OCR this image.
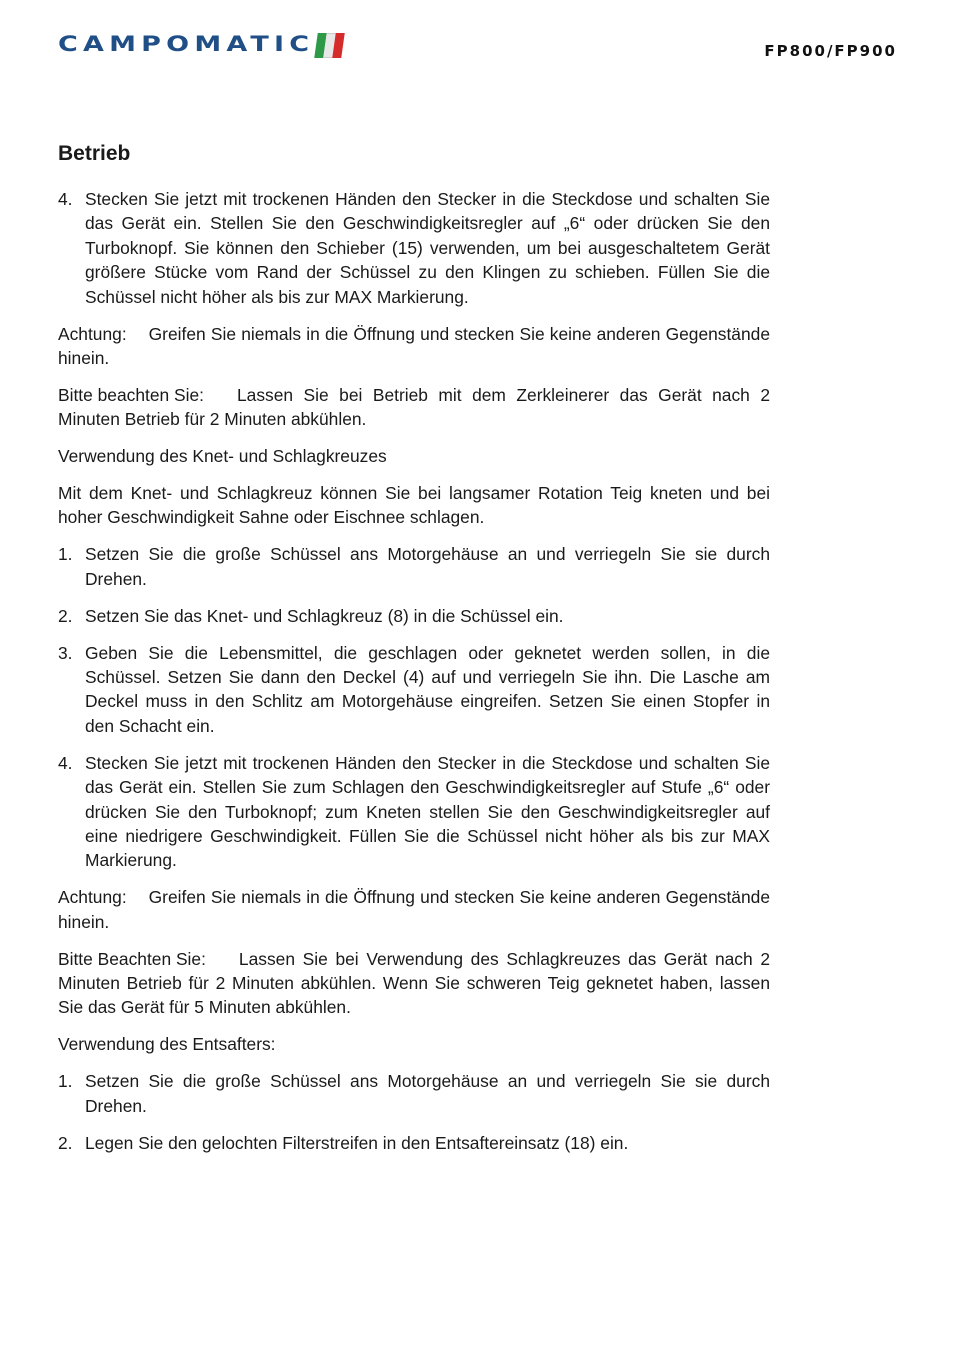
CAMPOMATIC	FP800/FP900
Betrieb
4. Stecken Sie jetzt mit trockenen Händen den Stecker in die Steckdose und schalten Sie das Gerät ein. Stellen Sie den Geschwindigkeitsregler auf „6“ oder drücken Sie den Turboknopf. Sie können den Schieber (15) verwenden, um bei ausgeschaltetem Gerät größere Stücke vom Rand der Schüssel zu den Klingen zu schieben. Füllen Sie die Schüssel nicht höher als bis zur MAX Markierung.

Achtung: Greifen Sie niemals in die Öffnung und stecken Sie keine anderen Gegenstände hinein.

Bitte beachten Sie: Lassen Sie bei Betrieb mit dem Zerkleinerer das Gerät nach 2 Minuten Betrieb für 2 Minuten abkühlen.

Verwendung des Knet- und Schlagkreuzes

Mit dem Knet- und Schlagkreuz können Sie bei langsamer Rotation Teig kneten und bei hoher Geschwindigkeit Sahne oder Eischnee schlagen.

1. Setzen Sie die große Schüssel ans Motorgehäuse an und verriegeln Sie sie durch Drehen.
2. Setzen Sie das Knet- und Schlagkreuz (8) in die Schüssel ein.
3. Geben Sie die Lebensmittel, die geschlagen oder geknetet werden sollen, in die Schüssel. Setzen Sie dann den Deckel (4) auf und verriegeln Sie ihn. Die Lasche am Deckel muss in den Schlitz am Motorgehäuse eingreifen. Setzen Sie einen Stopfer in den Schacht ein.
4. Stecken Sie jetzt mit trockenen Händen den Stecker in die Steckdose und schalten Sie das Gerät ein. Stellen Sie zum Schlagen den Geschwindigkeitsregler auf Stufe „6“ oder drücken Sie den Turboknopf; zum Kneten stellen Sie den Geschwindigkeitsregler auf eine niedrigere Geschwindigkeit. Füllen Sie die Schüssel nicht höher als bis zur MAX Markierung.

Achtung: Greifen Sie niemals in die Öffnung und stecken Sie keine anderen Gegenstände hinein.

Bitte Beachten Sie: Lassen Sie bei Verwendung des Schlagkreuzes das Gerät nach 2 Minuten Betrieb für 2 Minuten abkühlen. Wenn Sie schweren Teig geknetet haben, lassen Sie das Gerät für 5 Minuten abkühlen.

Verwendung des Entsafters:

1. Setzen Sie die große Schüssel ans Motorgehäuse an und verriegeln Sie sie durch Drehen.
2. Legen Sie den gelochten Filterstreifen in den Entsaftereinsatz (18) ein.
